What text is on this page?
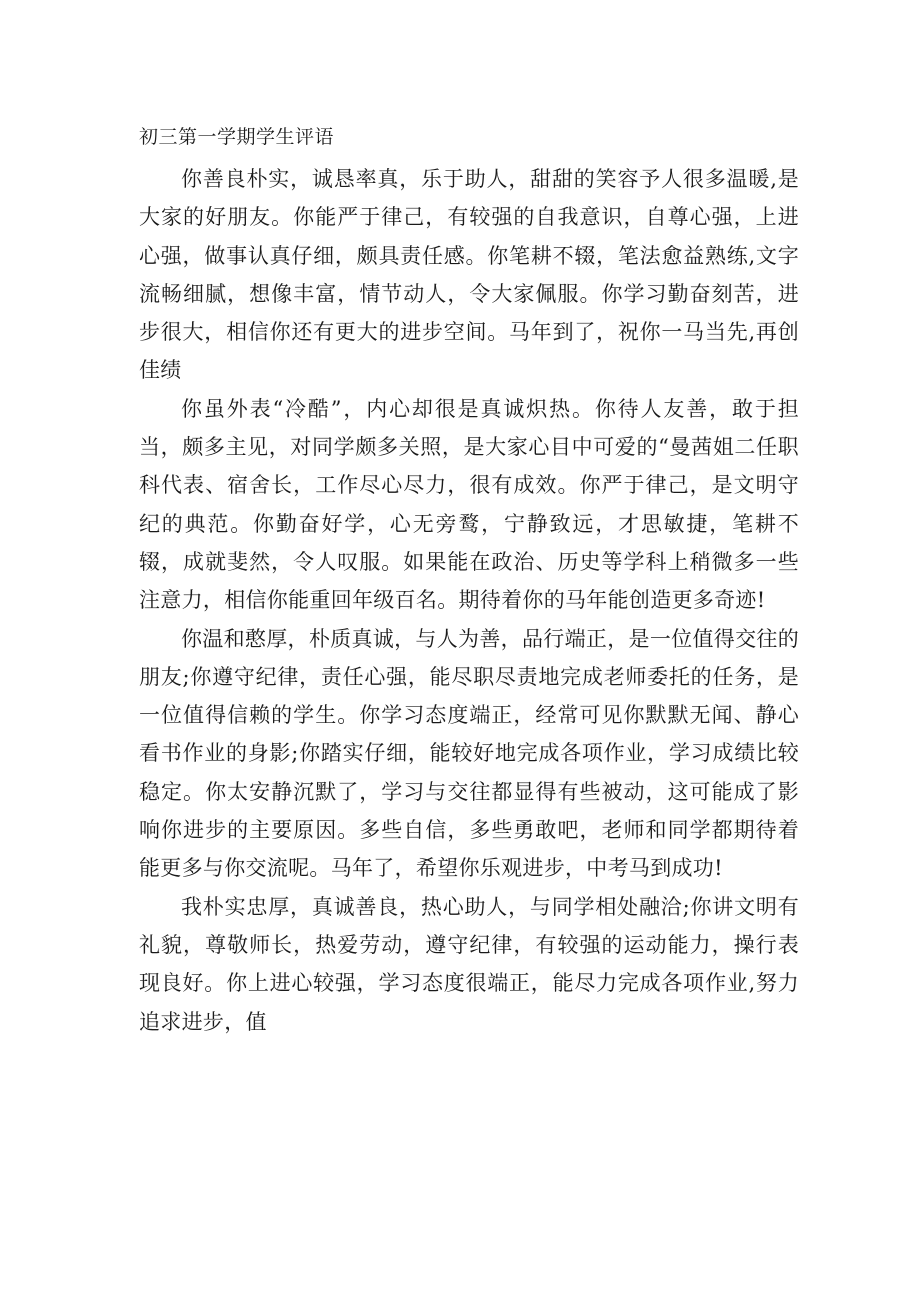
初三第一学期学生评语

你善良朴实，诚恳率真，乐于助人，甜甜的笑容予人很多温暖,是大家的好朋友。你能严于律己，有较强的自我意识，自尊心强，上进心强，做事认真仔细，颇具责任感。你笔耕不辍，笔法愈益熟练,文字流畅细腻，想像丰富，情节动人，令大家佩服。你学习勤奋刻苦，进步很大，相信你还有更大的进步空间。马年到了，祝你一马当先,再创佳绩

你虽外表“冷酷”，内心却很是真诚炽热。你待人友善，敢于担当，颇多主见，对同学颇多关照，是大家心目中可爱的“曼茜姐二任职科代表、宿舍长，工作尽心尽力，很有成效。你严于律己，是文明守纪的典范。你勤奋好学，心无旁鹜，宁静致远，才思敏捷，笔耕不辍，成就斐然，令人叹服。如果能在政治、历史等学科上稍微多一些注意力，相信你能重回年级百名。期待着你的马年能创造更多奇迹!

你温和憨厚，朴质真诚，与人为善，品行端正，是一位值得交往的朋友;你遵守纪律，责任心强，能尽职尽责地完成老师委托的任务，是一位值得信赖的学生。你学习态度端正，经常可见你默默无闻、静心看书作业的身影;你踏实仔细，能较好地完成各项作业，学习成绩比较稳定。你太安静沉默了，学习与交往都显得有些被动，这可能成了影响你进步的主要原因。多些自信，多些勇敢吧，老师和同学都期待着能更多与你交流呢。马年了，希望你乐观进步，中考马到成功!

我朴实忠厚，真诚善良，热心助人，与同学相处融洽;你讲文明有礼貌，尊敬师长，热爱劳动，遵守纪律，有较强的运动能力，操行表现良好。你上进心较强，学习态度很端正，能尽力完成各项作业,努力追求进步，值
